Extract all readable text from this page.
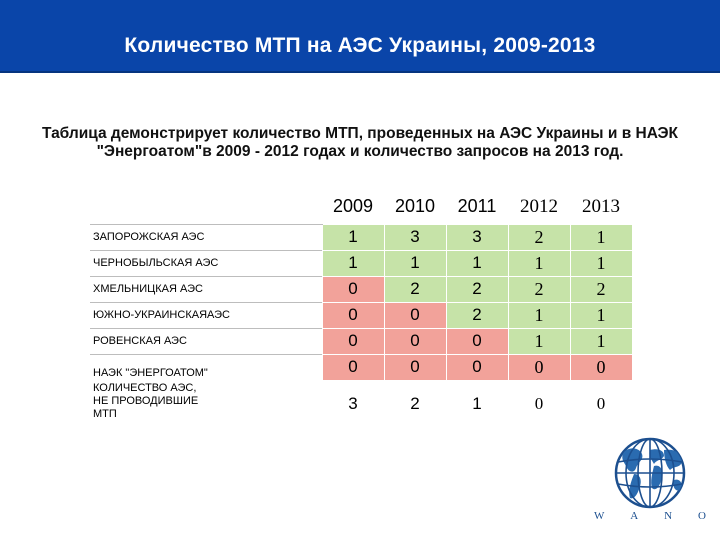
Количество МТП на АЭС Украины, 2009-2013
Таблица демонстрирует количество МТП, проведенных на АЭС Украины и в НАЭК "Энергоатом"в 2009 - 2012 годах и количество запросов на 2013 год.
	2009	2010	2011	2012	2013
ЗАПОРОЖСКАЯ АЭС	1	3	3	2	1
ЧЕРНОБЫЛЬСКАЯ АЭС	1	1	1	1	1
ХМЕЛЬНИЦКАЯ АЭС	0	2	2	2	2
ЮЖНО-УКРАИНСКАЯАЭС	0	0	2	1	1
РОВЕНСКАЯ АЭС	0	0	0	1	1
НАЭК "ЭНЕРГОАТОМ"	0	0	0	0	0
КОЛИЧЕСТВО АЭС, НЕ ПРОВОДИВШИЕ МТП	3	2	1	0	0
W A N O
